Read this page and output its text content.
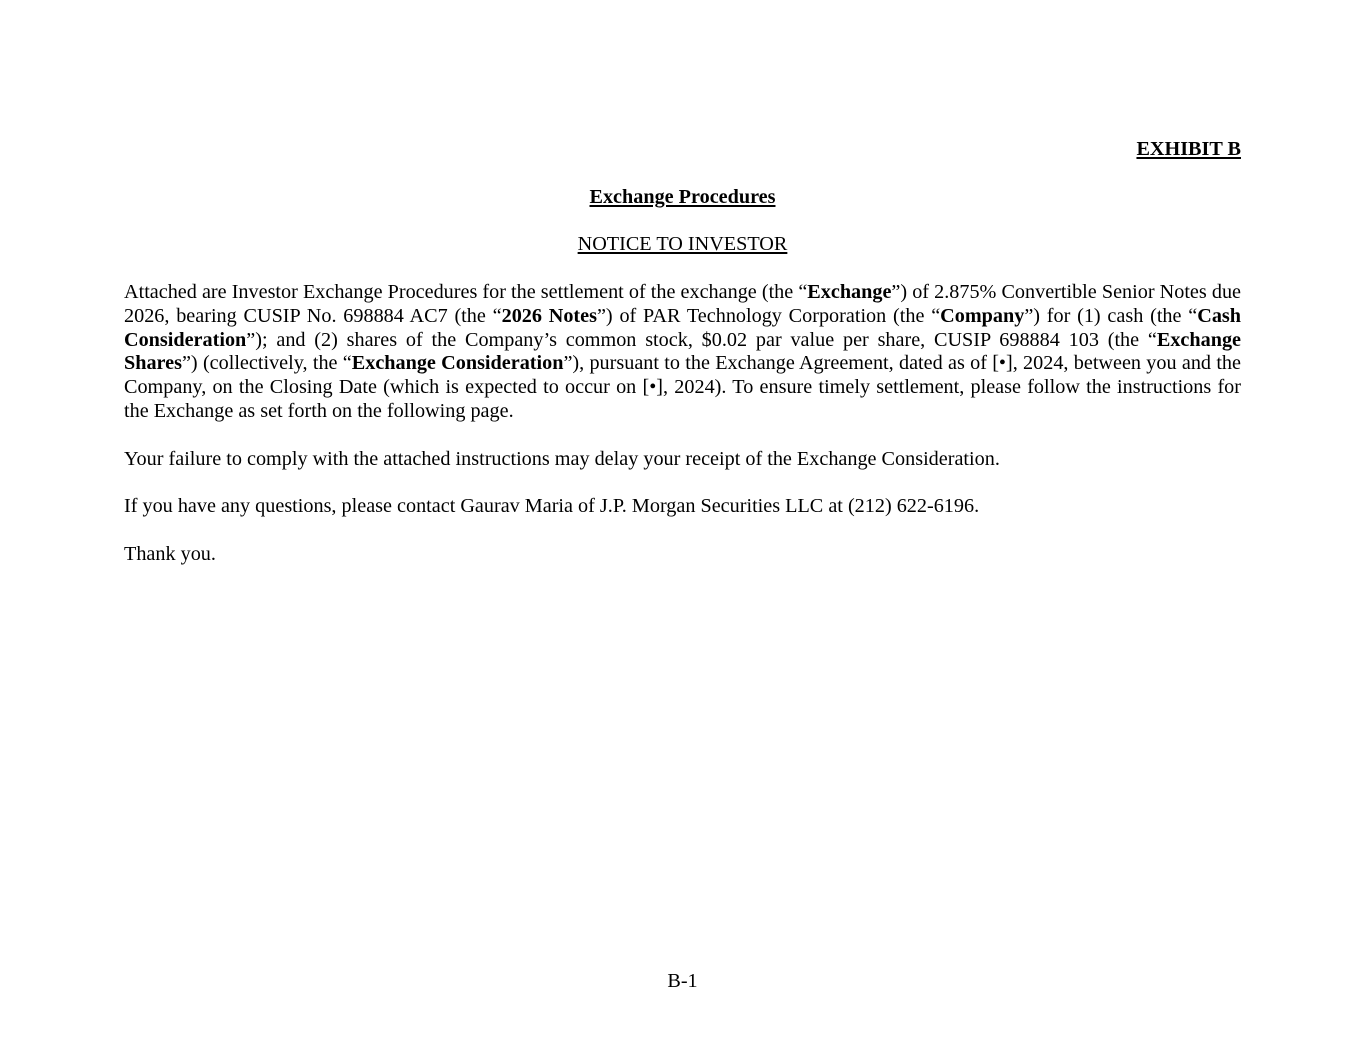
EXHIBIT B
Exchange Procedures
NOTICE TO INVESTOR

Attached are Investor Exchange Procedures for the settlement of the exchange (the “Exchange”) of 2.875% Convertible Senior Notes due 2026, bearing CUSIP No. 698884 AC7 (the “2026 Notes”) of PAR Technology Corporation (the “Company”) for (1) cash (the “Cash Consideration”); and (2) shares of the Company’s common stock, $0.02 par value per share, CUSIP 698884 103 (the “Exchange Shares”) (collectively, the “Exchange Consideration”), pursuant to the Exchange Agreement, dated as of [•], 2024, between you and the Company, on the Closing Date (which is expected to occur on [•], 2024). To ensure timely settlement, please follow the instructions for the Exchange as set forth on the following page.

Your failure to comply with the attached instructions may delay your receipt of the Exchange Consideration.

If you have any questions, please contact Gaurav Maria of J.P. Morgan Securities LLC at (212) 622-6196.

Thank you.

B-1
